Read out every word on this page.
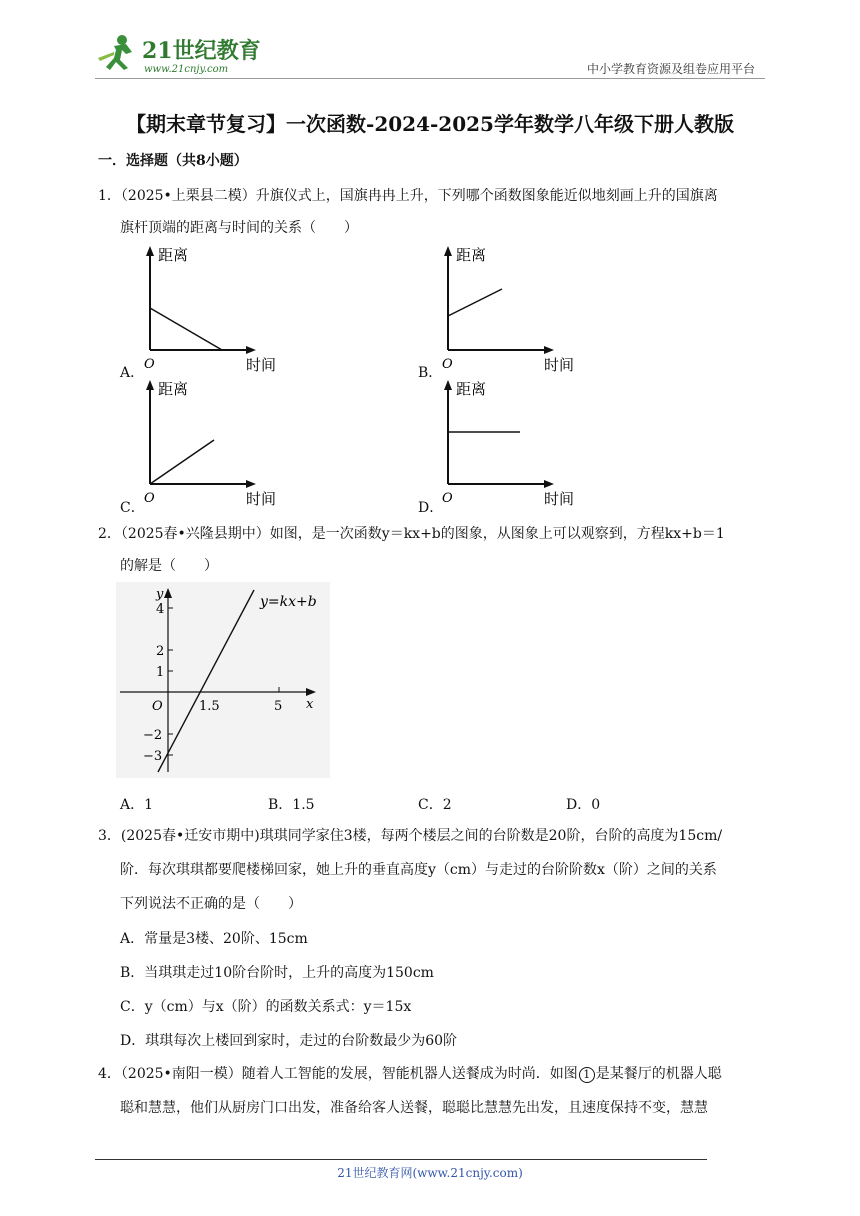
21世纪教育
www.21cnjy.com	中小学教育资源及组卷应用平台
【期末章节复习】一次函数-2024-2025学年数学八年级下册人教版
一．选择题（共8小题）
1．（2025•上栗县二模）升旗仪式上，国旗冉冉上升，下列哪个函数图象能近似地刻画上升的国旗离
旗杆顶端的距离与时间的关系（　　）
A．	B．
C．	D．
距离
时间
O
距离
时间
O
距离
时间
O
距离
时间
O
2．（2025春•兴隆县期中）如图，是一次函数y＝kx+b的图象，从图象上可以观察到，方程kx+b＝1
的解是（　　）
y
x
O
y=kx+b
4
2
1
−2
−3
1.5	5
A．1	B．1.5	C．2	D．0
3．(2025春•迁安市期中)琪琪同学家住3楼，每两个楼层之间的台阶数是20阶，台阶的高度为15cm/
阶．每次琪琪都要爬楼梯回家，她上升的垂直高度y（cm）与走过的台阶阶数x（阶）之间的关系
下列说法不正确的是（　　）
A．常量是3楼、20阶、15cm
B．当琪琪走过10阶台阶时，上升的高度为150cm
C．y（cm）与x（阶）的函数关系式：y＝15x
D．琪琪每次上楼回到家时，走过的台阶数最少为60阶
4．（2025•南阳一模）随着人工智能的发展，智能机器人送餐成为时尚．如图 1 是某餐厅的机器人聪
聪和慧慧，他们从厨房门口出发，准备给客人送餐，聪聪比慧慧先出发，且速度保持不变，慧慧
21世纪教育网(www.21cnjy.com)
